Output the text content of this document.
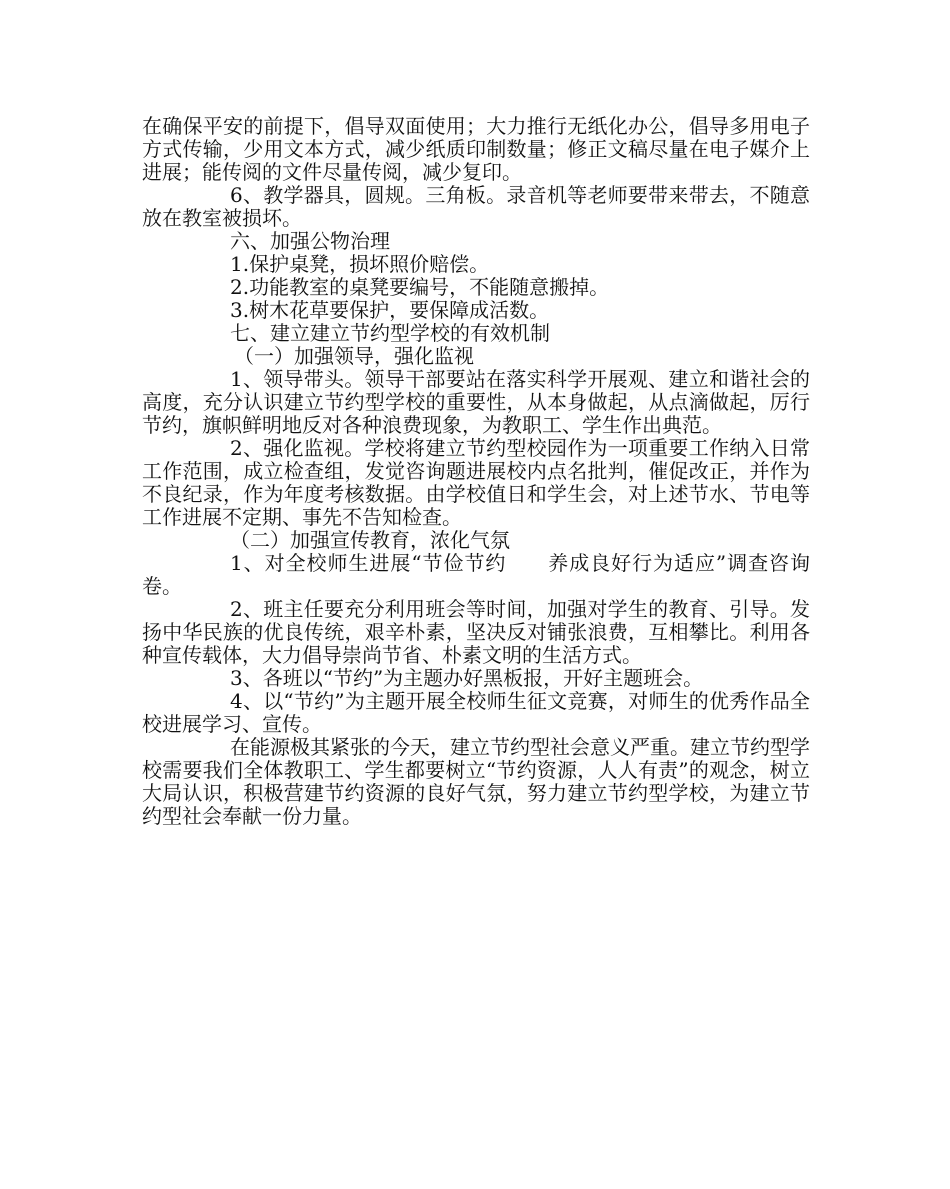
在确保平安的前提下，倡导双面使用；大力推行无纸化办公，倡导多用电子方式传输，少用文本方式，减少纸质印制数量；修正文稿尽量在电子媒介上进展；能传阅的文件尽量传阅，减少复印。

6、教学器具，圆规。三角板。录音机等老师要带来带去，不随意放在教室被损坏。

六、加强公物治理

1.保护桌凳，损坏照价赔偿。

2.功能教室的桌凳要编号，不能随意搬掉。

3.树木花草要保护，要保障成活数。

七、建立建立节约型学校的有效机制

（一）加强领导，强化监视

1、领导带头。领导干部要站在落实科学开展观、建立和谐社会的高度，充分认识建立节约型学校的重要性，从本身做起，从点滴做起，厉行节约，旗帜鲜明地反对各种浪费现象，为教职工、学生作出典范。

2、强化监视。学校将建立节约型校园作为一项重要工作纳入日常工作范围，成立检查组，发觉咨询题进展校内点名批判，催促改正，并作为不良纪录，作为年度考核数据。由学校值日和学生会，对上述节水、节电等工作进展不定期、事先不告知检查。

（二）加强宣传教育，浓化气氛

1、对全校师生进展“节俭节约　　养成良好行为适应”调查咨询卷。

2、班主任要充分利用班会等时间，加强对学生的教育、引导。发扬中华民族的优良传统，艰辛朴素，坚决反对铺张浪费，互相攀比。利用各种宣传载体，大力倡导崇尚节省、朴素文明的生活方式。

3、各班以“节约”为主题办好黑板报，开好主题班会。

4、以“节约”为主题开展全校师生征文竞赛，对师生的优秀作品全校进展学习、宣传。

在能源极其紧张的今天，建立节约型社会意义严重。建立节约型学校需要我们全体教职工、学生都要树立“节约资源，人人有责”的观念，树立大局认识，积极营建节约资源的良好气氛，努力建立节约型学校，为建立节约型社会奉献一份力量。
